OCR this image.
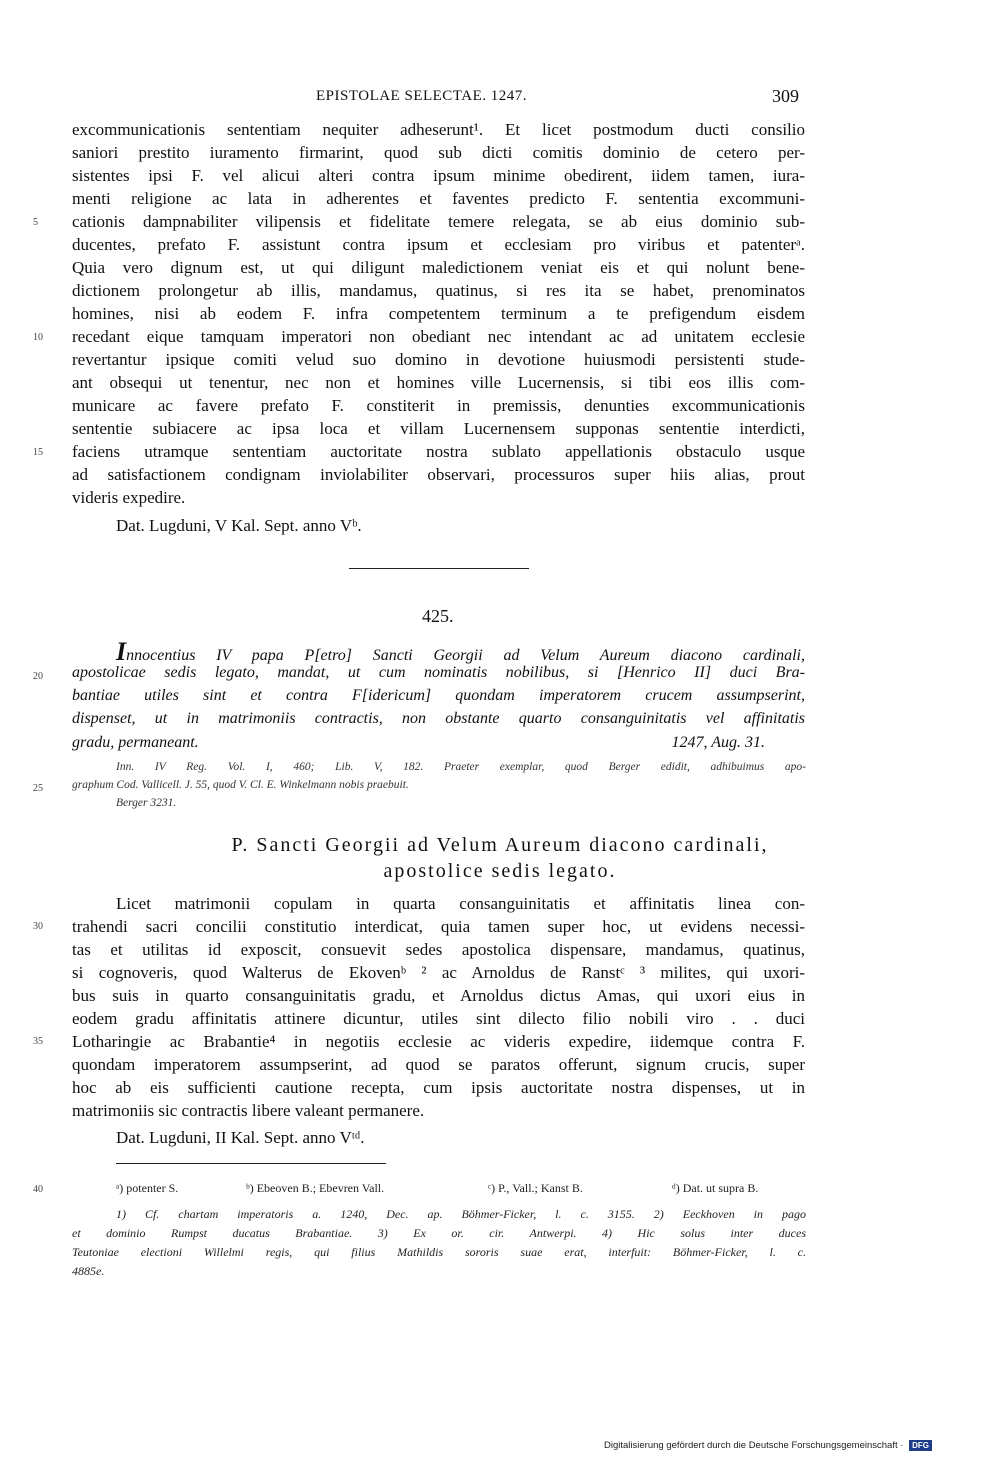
EPISTOLAE SELECTAE. 1247.	309
excommunicationis sententiam nequiter adheserunt¹. Et licet postmodum ducti consilio
saniori prestito iuramento firmarint, quod sub dicti comitis dominio de cetero per-
sistentes ipsi F. vel alicui alteri contra ipsum minime obedirent, iidem tamen, iura-
menti religione ac lata in adherentes et faventes predicto F. sententia excommuni-
cationis dampnabiliter vilipensis et fidelitate temere relegata, se ab eius dominio sub-
ducentes, prefato F. assistunt contra ipsum et ecclesiam pro viribus et patenterᵃ.
Quia vero dignum est, ut qui diligunt maledictionem veniat eis et qui nolunt bene-
dictionem prolongetur ab illis, mandamus, quatinus, si res ita se habet, prenominatos
homines, nisi ab eodem F. infra competentem terminum a te prefigendum eisdem
recedant eique tamquam imperatori non obediant nec intendant ac ad unitatem ecclesie
revertantur ipsique comiti velud suo domino in devotione huiusmodi persistenti stude-
ant obsequi ut tenentur, nec non et homines ville Lucernensis, si tibi eos illis com-
municare ac favere prefato F. constiterit in premissis, denunties excommunicationis
sententie subiacere ac ipsa loca et villam Lucernensem supponas sententie interdicti,
faciens utramque sententiam auctoritate nostra sublato appellationis obstaculo usque
ad satisfactionem condignam inviolabiliter observari, processuros super hiis alias, prout
videris expedire.
5
10
15
Dat. Lugduni, V Kal. Sept. anno Vᵇ.
425.
Innocentius IV papa P[etro] Sancti Georgii ad Velum Aureum diacono cardinali,
apostolicae sedis legato, mandat, ut cum nominatis nobilibus, si [Henrico II] duci Bra-
bantiae utiles sint et contra F[idericum] quondam imperatorem crucem assumpserint,
dispenset, ut in matrimoniis contractis, non obstante quarto consanguinitatis vel affinitatis
gradu, permaneant.	1247, Aug. 31.
20
25
Inn. IV Reg. Vol. I, 460; Lib. V, 182. Praeter exemplar, quod Berger edidit, adhibuimus apo-
graphum Cod. Vallicell. J. 55, quod V. Cl. E. Winkelmann nobis praebuit.
Berger 3231.
P. Sancti Georgii ad Velum Aureum diacono cardinali,
apostolice sedis legato.
Licet matrimonii copulam in quarta consanguinitatis et affinitatis linea con-
trahendi sacri concilii constitutio interdicat, quia tamen super hoc, ut evidens necessi-
tas et utilitas id exposcit, consuevit sedes apostolica dispensare, mandamus, quatinus,
si cognoveris, quod Walterus de Ekovenᵇ ² ac Arnoldus de Ranstᶜ ³ milites, qui uxori-
bus suis in quarto consanguinitatis gradu, et Arnoldus dictus Amas, qui uxori eius in
eodem gradu affinitatis attinere dicuntur, utiles sint dilecto filio nobili viro . . duci
Lotharingie ac Brabantie⁴ in negotiis ecclesie ac videris expedire, iidemque contra F.
quondam imperatorem assumpserint, ad quod se paratos offerunt, signum crucis, super
hoc ab eis sufficienti cautione recepta, cum ipsis auctoritate nostra dispenses, ut in
matrimoniis sic contractis libere valeant permanere.
30
35
40
Dat. Lugduni, II Kal. Sept. anno Vᵗᵈ.
ᵃ) potenter S.	ᵇ) Ebeoven B.; Ebevren Vall.	ᶜ) P., Vall.; Kanst B.	ᵈ) Dat. ut supra B.
1) Cf. chartam imperatoris a. 1240, Dec. ap. Böhmer-Ficker, l. c. 3155. 2) Eeckhoven in pago
et dominio Rumpst ducatus Brabantiae. 3) Ex or. cir. Antwerpi. 4) Hic solus inter duces
Teutoniae electioni Willelmi regis, qui filius Mathildis sororis suae erat, interfuit: Böhmer-Ficker, l. c.
4885e.
Digitalisierung gefördert durch die Deutsche Forschungsgemeinschaft · DFG
